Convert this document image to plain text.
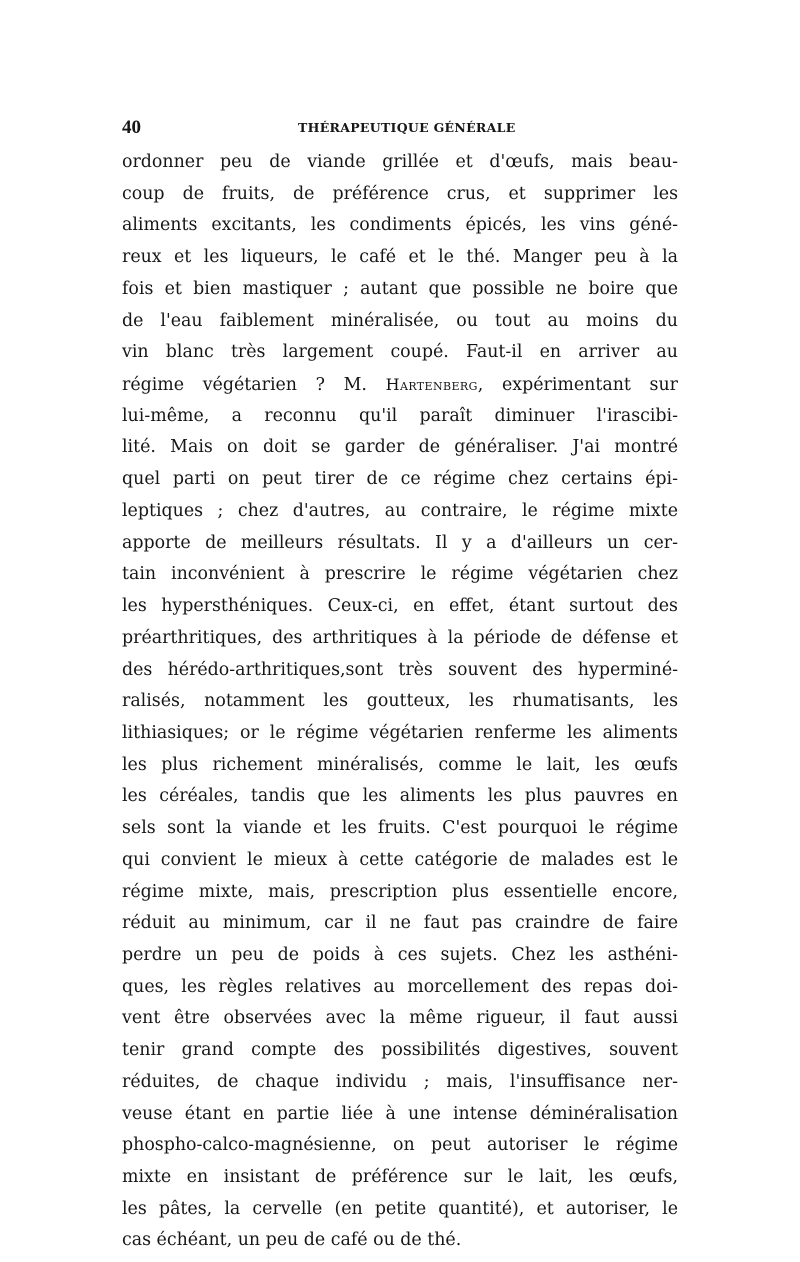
40	THÉRAPEUTIQUE GÉNÉRALE
ordonner peu de viande grillée et d'œufs, mais beau-
coup de fruits, de préférence crus, et supprimer les
aliments excitants, les condiments épicés, les vins géné-
reux et les liqueurs, le café et le thé. Manger peu à la
fois et bien mastiquer ; autant que possible ne boire que
de l'eau faiblement minéralisée, ou tout au moins du
vin blanc très largement coupé. Faut-il en arriver au
régime végétarien ? M. Hartenberg, expérimentant sur
lui-même, a reconnu qu'il paraît diminuer l'irascibi-
lité. Mais on doit se garder de généraliser. J'ai montré
quel parti on peut tirer de ce régime chez certains épi-
leptiques ; chez d'autres, au contraire, le régime mixte
apporte de meilleurs résultats. Il y a d'ailleurs un cer-
tain inconvénient à prescrire le régime végétarien chez
les hypersthéniques. Ceux-ci, en effet, étant surtout des
préarthritiques, des arthritiques à la période de défense et
des hérédo-arthritiques,sont très souvent des hyperminé-
ralisés, notamment les goutteux, les rhumatisants, les
lithiasiques; or le régime végétarien renferme les aliments
les plus richement minéralisés, comme le lait, les œufs
les céréales, tandis que les aliments les plus pauvres en
sels sont la viande et les fruits. C'est pourquoi le régime
qui convient le mieux à cette catégorie de malades est le
régime mixte, mais, prescription plus essentielle encore,
réduit au minimum, car il ne faut pas craindre de faire
perdre un peu de poids à ces sujets. Chez les asthéni-
ques, les règles relatives au morcellement des repas doi-
vent être observées avec la même rigueur, il faut aussi
tenir grand compte des possibilités digestives, souvent
réduites, de chaque individu ; mais, l'insuffisance ner-
veuse étant en partie liée à une intense déminéralisation
phospho-calco-magnésienne, on peut autoriser le régime
mixte en insistant de préférence sur le lait, les œufs,
les pâtes, la cervelle (en petite quantité), et autoriser, le
cas échéant, un peu de café ou de thé.
